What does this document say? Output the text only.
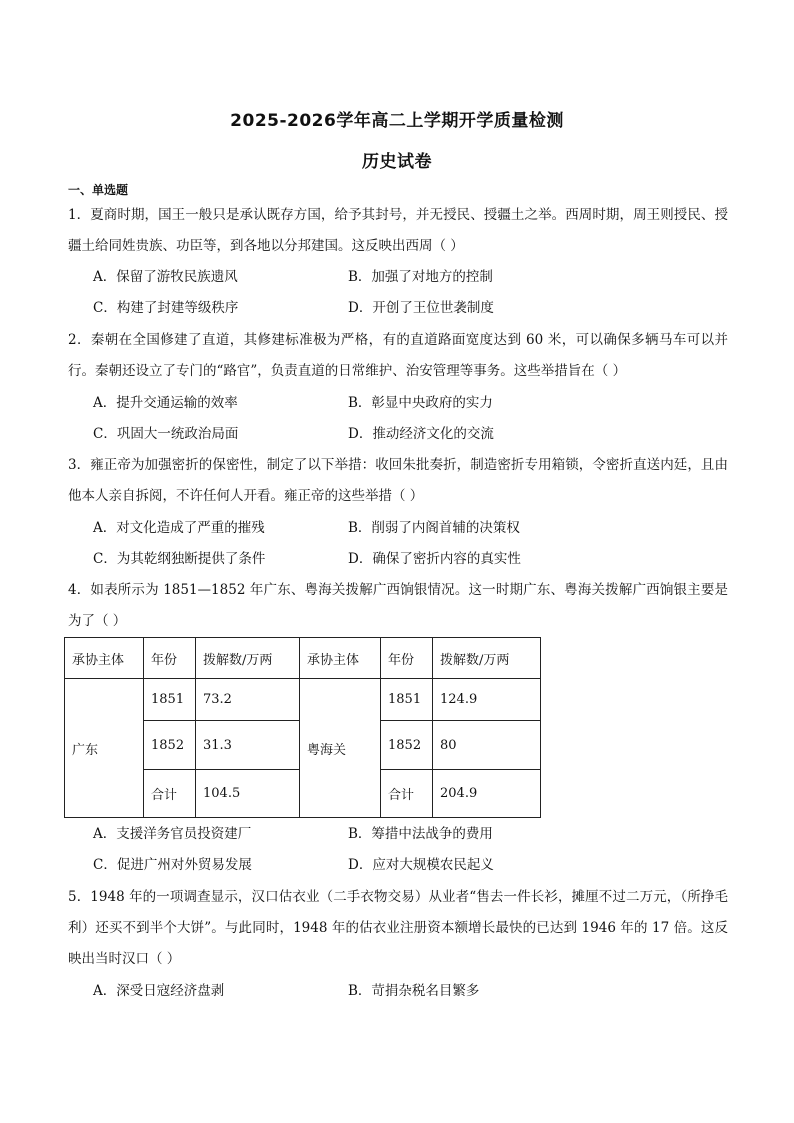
2025-2026学年高二上学期开学质量检测
历史试卷
一、单选题
1．夏商时期，国王一般只是承认既存方国，给予其封号，并无授民、授疆土之举。西周时期，周王则授民、授疆土给同姓贵族、功臣等，到各地以分邦建国。这反映出西周（ ）
A．保留了游牧民族遗风	B．加强了对地方的控制
C．构建了封建等级秩序	D．开创了王位世袭制度
2．秦朝在全国修建了直道，其修建标准极为严格，有的直道路面宽度达到 60 米，可以确保多辆马车可以并行。秦朝还设立了专门的“路官”，负责直道的日常维护、治安管理等事务。这些举措旨在（ ）
A．提升交通运输的效率	B．彰显中央政府的实力
C．巩固大一统政治局面	D．推动经济文化的交流
3．雍正帝为加强密折的保密性，制定了以下举措：收回朱批奏折，制造密折专用箱锁，令密折直送内廷，且由他本人亲自拆阅，不许任何人开看。雍正帝的这些举措（ ）
A．对文化造成了严重的摧残	B．削弱了内阁首辅的决策权
C．为其乾纲独断提供了条件	D．确保了密折内容的真实性
4．如表所示为 1851—1852 年广东、粤海关拨解广西饷银情况。这一时期广东、粤海关拨解广西饷银主要是为了（ ）
承协主体	年份	拨解数/万两	承协主体	年份	拨解数/万两
广东	1851	73.2	粤海关	1851	124.9
	1852	31.3		1852	80
	合计	104.5		合计	204.9
A．支援洋务官员投资建厂	B．筹措中法战争的费用
C．促进广州对外贸易发展	D．应对大规模农民起义
5．1948 年的一项调查显示，汉口估衣业（二手衣物交易）从业者“售去一件长衫，摊厘不过二万元，（所挣毛利）还买不到半个大饼”。与此同时，1948 年的估衣业注册资本额增长最快的已达到 1946 年的 17 倍。这反映出当时汉口（ ）
A．深受日寇经济盘剥	B．苛捐杂税名目繁多
